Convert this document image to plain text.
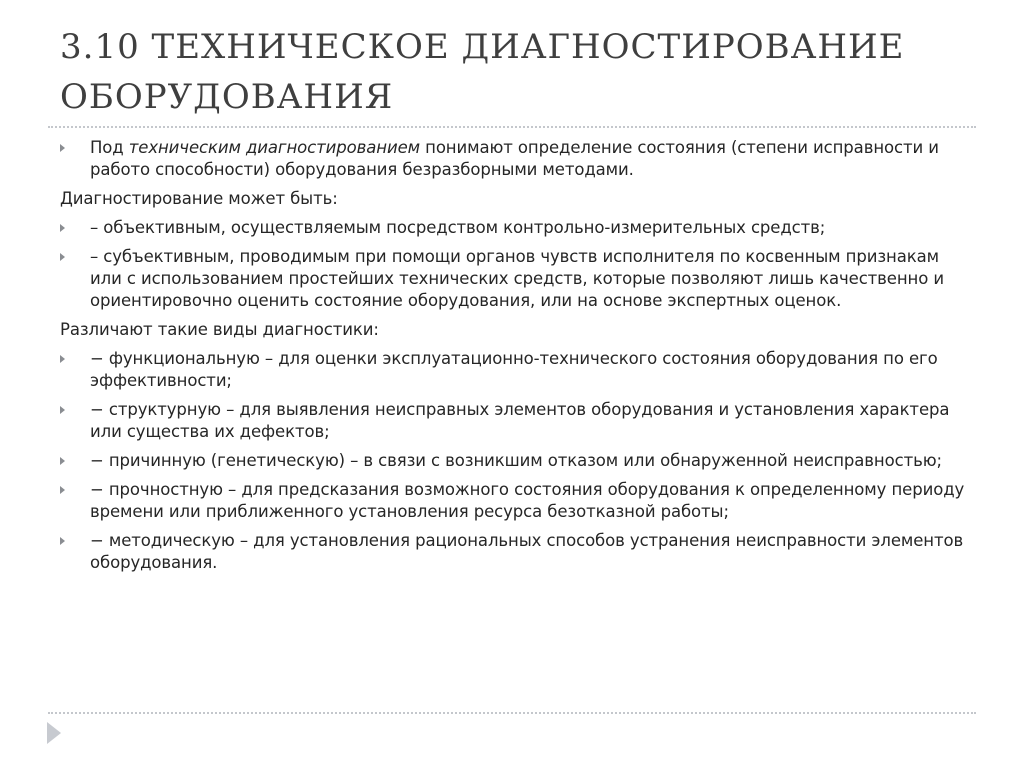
3.10 ТЕХНИЧЕСКОЕ ДИАГНОСТИРОВАНИЕ
ОБОРУДОВАНИЯ
Под техническим диагностированием понимают определение состояния (степени исправности и работо способности) оборудования безразборными методами.
Диагностирование может быть:
– объективным, осуществляемым посредством контрольно-измерительных средств;
– субъективным, проводимым при помощи органов чувств исполнителя по косвенным признакам или с использованием простейших технических средств, которые позволяют лишь качественно и ориентировочно оценить состояние оборудования, или на основе экспертных оценок.
Различают такие виды диагностики:
− функциональную – для оценки эксплуатационно-технического состояния оборудования по его эффективности;
− структурную – для выявления неисправных элементов оборудования и установления характера или существа их дефектов;
− причинную (генетическую) – в связи с возникшим отказом или обнаруженной неисправностью;
− прочностную – для предсказания возможного состояния оборудования к определенному периоду времени или приближенного установления ресурса безотказной работы;
− методическую – для установления рациональных способов устранения неисправности элементов оборудования.
